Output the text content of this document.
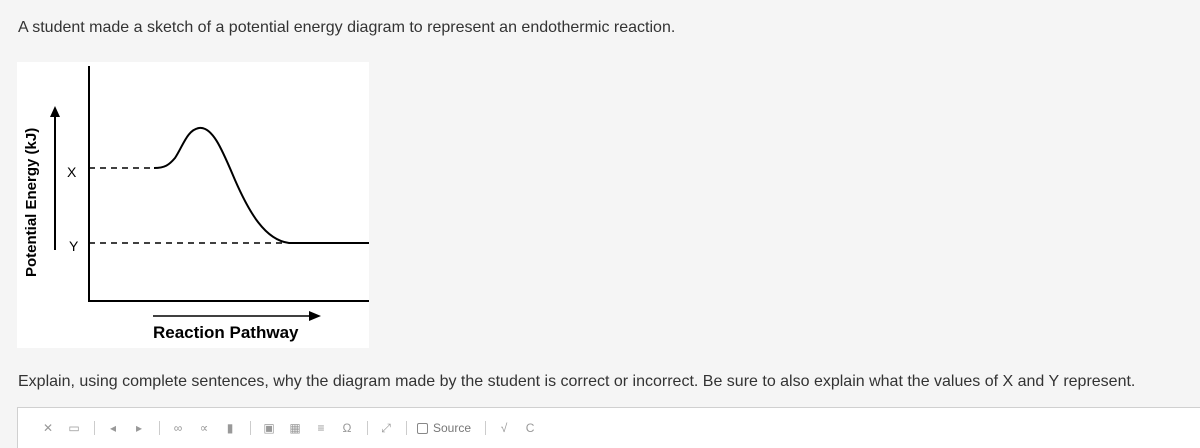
A student made a sketch of a potential energy diagram to represent an endothermic reaction.
Potential Energy (kJ) X
Y
Reaction Pathway
Explain, using complete sentences, why the diagram made by the student is correct or incorrect. Be sure to also explain what the values of X and Y represent.
✕ ▭	◂	▸	∞	∝	▮	▣ ▦	≡	Ω ⤢	Source	√	C
